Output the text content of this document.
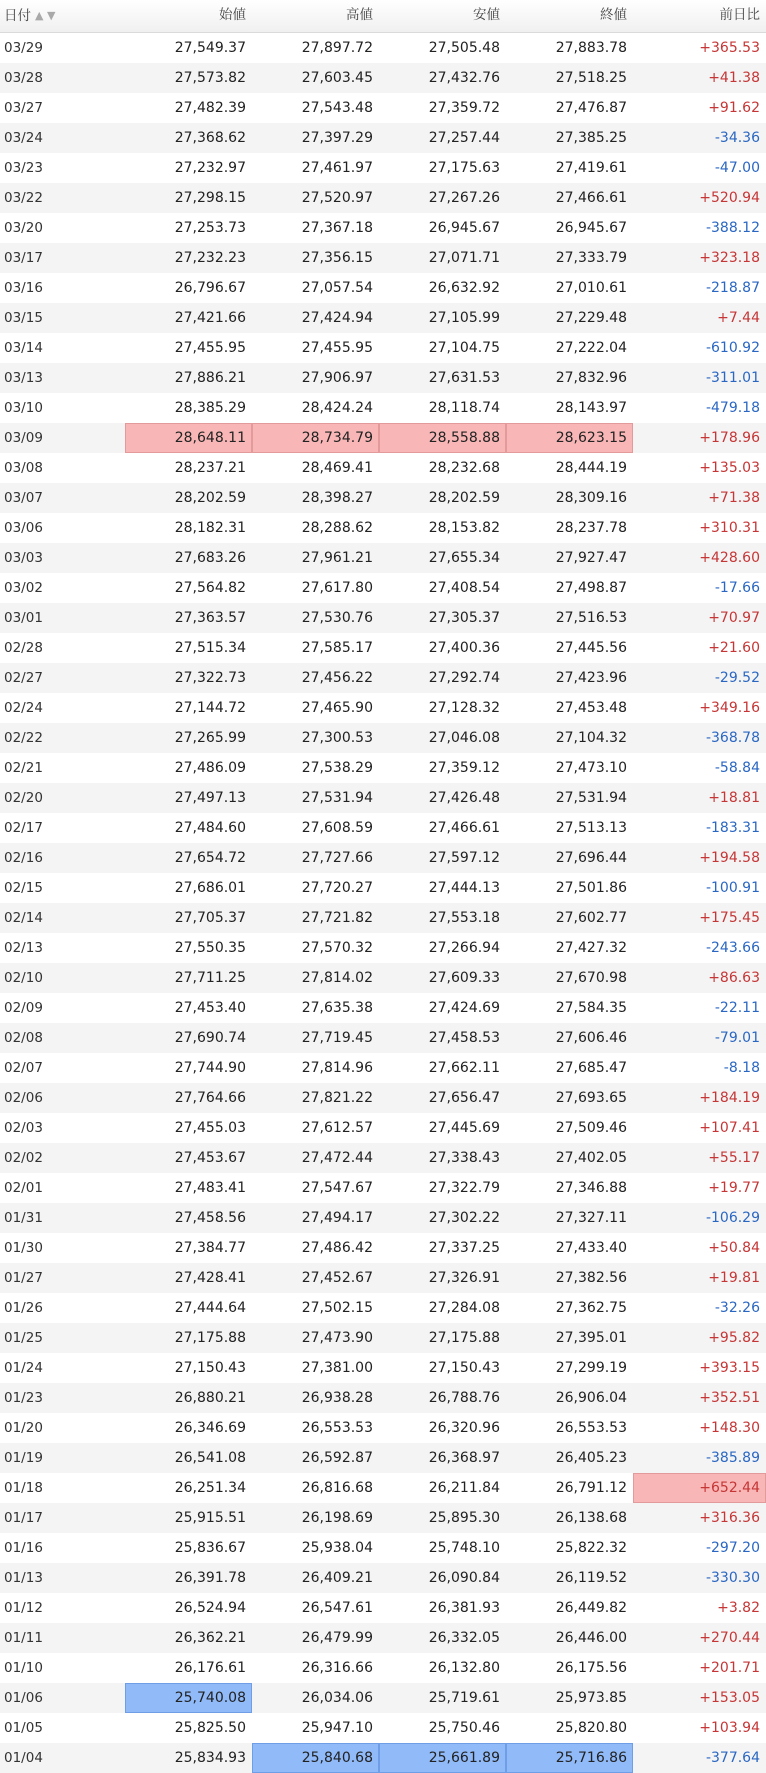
日付 ▲ ▼	始値	高値	安値	終値	前日比
03/29	27,549.37	27,897.72	27,505.48	27,883.78	+365.53
03/28	27,573.82	27,603.45	27,432.76	27,518.25	+41.38
03/27	27,482.39	27,543.48	27,359.72	27,476.87	+91.62
03/24	27,368.62	27,397.29	27,257.44	27,385.25	-34.36
03/23	27,232.97	27,461.97	27,175.63	27,419.61	-47.00
03/22	27,298.15	27,520.97	27,267.26	27,466.61	+520.94
03/20	27,253.73	27,367.18	26,945.67	26,945.67	-388.12
03/17	27,232.23	27,356.15	27,071.71	27,333.79	+323.18
03/16	26,796.67	27,057.54	26,632.92	27,010.61	-218.87
03/15	27,421.66	27,424.94	27,105.99	27,229.48	+7.44
03/14	27,455.95	27,455.95	27,104.75	27,222.04	-610.92
03/13	27,886.21	27,906.97	27,631.53	27,832.96	-311.01
03/10	28,385.29	28,424.24	28,118.74	28,143.97	-479.18
03/09	28,648.11	28,734.79	28,558.88	28,623.15	+178.96
03/08	28,237.21	28,469.41	28,232.68	28,444.19	+135.03
03/07	28,202.59	28,398.27	28,202.59	28,309.16	+71.38
03/06	28,182.31	28,288.62	28,153.82	28,237.78	+310.31
03/03	27,683.26	27,961.21	27,655.34	27,927.47	+428.60
03/02	27,564.82	27,617.80	27,408.54	27,498.87	-17.66
03/01	27,363.57	27,530.76	27,305.37	27,516.53	+70.97
02/28	27,515.34	27,585.17	27,400.36	27,445.56	+21.60
02/27	27,322.73	27,456.22	27,292.74	27,423.96	-29.52
02/24	27,144.72	27,465.90	27,128.32	27,453.48	+349.16
02/22	27,265.99	27,300.53	27,046.08	27,104.32	-368.78
02/21	27,486.09	27,538.29	27,359.12	27,473.10	-58.84
02/20	27,497.13	27,531.94	27,426.48	27,531.94	+18.81
02/17	27,484.60	27,608.59	27,466.61	27,513.13	-183.31
02/16	27,654.72	27,727.66	27,597.12	27,696.44	+194.58
02/15	27,686.01	27,720.27	27,444.13	27,501.86	-100.91
02/14	27,705.37	27,721.82	27,553.18	27,602.77	+175.45
02/13	27,550.35	27,570.32	27,266.94	27,427.32	-243.66
02/10	27,711.25	27,814.02	27,609.33	27,670.98	+86.63
02/09	27,453.40	27,635.38	27,424.69	27,584.35	-22.11
02/08	27,690.74	27,719.45	27,458.53	27,606.46	-79.01
02/07	27,744.90	27,814.96	27,662.11	27,685.47	-8.18
02/06	27,764.66	27,821.22	27,656.47	27,693.65	+184.19
02/03	27,455.03	27,612.57	27,445.69	27,509.46	+107.41
02/02	27,453.67	27,472.44	27,338.43	27,402.05	+55.17
02/01	27,483.41	27,547.67	27,322.79	27,346.88	+19.77
01/31	27,458.56	27,494.17	27,302.22	27,327.11	-106.29
01/30	27,384.77	27,486.42	27,337.25	27,433.40	+50.84
01/27	27,428.41	27,452.67	27,326.91	27,382.56	+19.81
01/26	27,444.64	27,502.15	27,284.08	27,362.75	-32.26
01/25	27,175.88	27,473.90	27,175.88	27,395.01	+95.82
01/24	27,150.43	27,381.00	27,150.43	27,299.19	+393.15
01/23	26,880.21	26,938.28	26,788.76	26,906.04	+352.51
01/20	26,346.69	26,553.53	26,320.96	26,553.53	+148.30
01/19	26,541.08	26,592.87	26,368.97	26,405.23	-385.89
01/18	26,251.34	26,816.68	26,211.84	26,791.12	+652.44
01/17	25,915.51	26,198.69	25,895.30	26,138.68	+316.36
01/16	25,836.67	25,938.04	25,748.10	25,822.32	-297.20
01/13	26,391.78	26,409.21	26,090.84	26,119.52	-330.30
01/12	26,524.94	26,547.61	26,381.93	26,449.82	+3.82
01/11	26,362.21	26,479.99	26,332.05	26,446.00	+270.44
01/10	26,176.61	26,316.66	26,132.80	26,175.56	+201.71
01/06	25,740.08	26,034.06	25,719.61	25,973.85	+153.05
01/05	25,825.50	25,947.10	25,750.46	25,820.80	+103.94
01/04	25,834.93	25,840.68	25,661.89	25,716.86	-377.64
